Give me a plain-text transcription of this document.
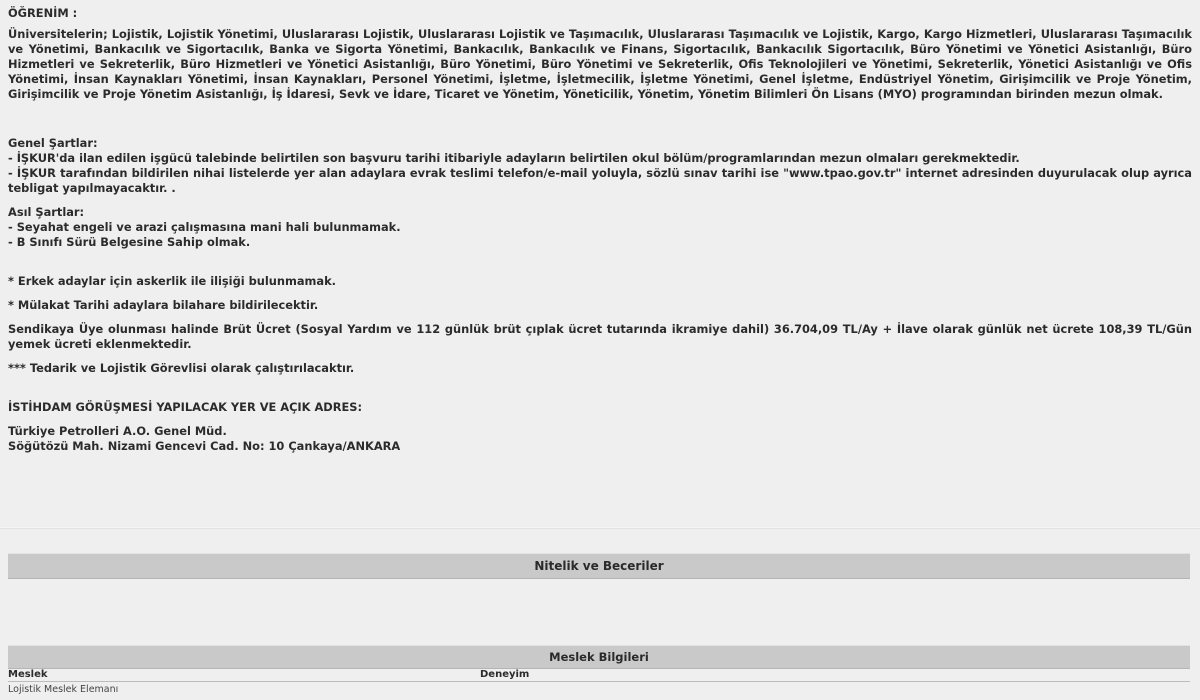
ÖĞRENİM :

Üniversitelerin; Lojistik, Lojistik Yönetimi, Uluslararası Lojistik, Uluslararası Lojistik ve Taşımacılık, Uluslararası Taşımacılık ve Lojistik, Kargo, Kargo Hizmetleri, Uluslararası Taşımacılık ve Yönetimi, Bankacılık ve Sigortacılık, Banka ve Sigorta Yönetimi, Bankacılık, Bankacılık ve Finans, Sigortacılık, Bankacılık Sigortacılık, Büro Yönetimi ve Yönetici Asistanlığı, Büro Hizmetleri ve Sekreterlik, Büro Hizmetleri ve Yönetici Asistanlığı, Büro Yönetimi, Büro Yönetimi ve Sekreterlik, Ofis Teknolojileri ve Yönetimi, Sekreterlik, Yönetici Asistanlığı ve Ofis Yönetimi, İnsan Kaynakları Yönetimi, İnsan Kaynakları, Personel Yönetimi, İşletme, İşletmecilik, İşletme Yönetimi, Genel İşletme, Endüstriyel Yönetim, Girişimcilik ve Proje Yönetim, Girişimcilik ve Proje Yönetim Asistanlığı, İş İdaresi, Sevk ve İdare, Ticaret ve Yönetim, Yöneticilik, Yönetim, Yönetim Bilimleri Ön Lisans (MYO) programından birinden mezun olmak.

Genel Şartlar:

- İŞKUR'da ilan edilen işgücü talebinde belirtilen son başvuru tarihi itibariyle adayların belirtilen okul bölüm/programlarından mezun olmaları gerekmektedir.

- İŞKUR tarafından bildirilen nihai listelerde yer alan adaylara evrak teslimi telefon/e-mail yoluyla, sözlü sınav tarihi ise "www.tpao.gov.tr" internet adresinden duyurulacak olup ayrıca tebligat yapılmayacaktır. .

Asıl Şartlar:

- Seyahat engeli ve arazi çalışmasına mani hali bulunmamak.

- B Sınıfı Sürü Belgesine Sahip olmak.

* Erkek adaylar için askerlik ile ilişiği bulunmamak.

* Mülakat Tarihi adaylara bilahare bildirilecektir.

Sendikaya Üye olunması halinde Brüt Ücret (Sosyal Yardım ve 112 günlük brüt çıplak ücret tutarında ikramiye dahil) 36.704,09 TL/Ay + İlave olarak günlük net ücrete 108,39 TL/Gün yemek ücreti eklenmektedir.

*** Tedarik ve Lojistik Görevlisi olarak çalıştırılacaktır.

İSTİHDAM GÖRÜŞMESİ YAPILACAK YER VE AÇIK ADRES:

Türkiye Petrolleri A.O. Genel Müd.

Söğütözü Mah. Nizami Gencevi Cad. No: 10 Çankaya/ANKARA

Nitelik ve Beceriler
Meslek Bilgileri
Meslek	Deneyim
Lojistik Meslek Elemanı
